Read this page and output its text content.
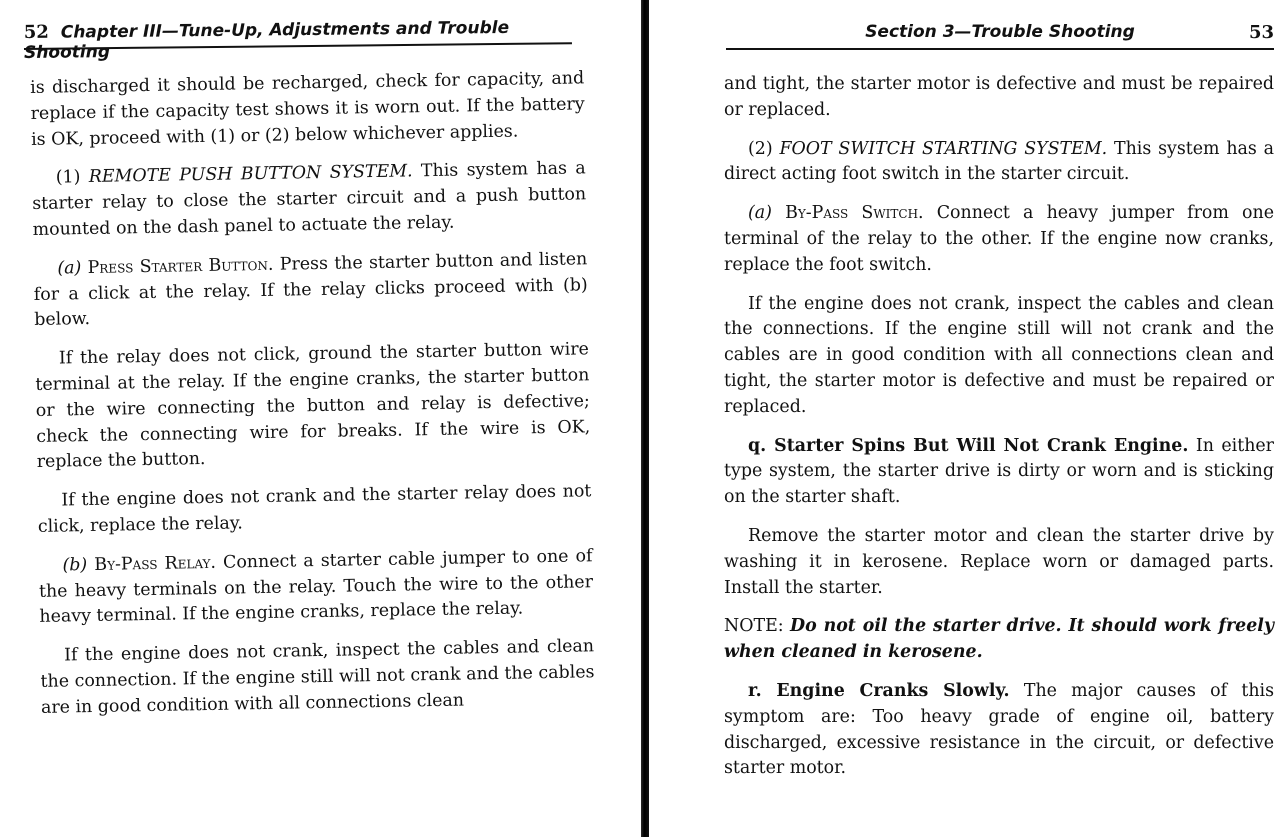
52 Chapter III—Tune-Up, Adjustments and Trouble Shooting

is discharged it should be recharged, check for capacity, and replace if the capacity test shows it is worn out. If the battery is OK, proceed with (1) or (2) below whichever applies.

(1) REMOTE PUSH BUTTON SYSTEM. This system has a starter relay to close the starter circuit and a push button mounted on the dash panel to actuate the relay.

(a) Press Starter Button. Press the starter button and listen for a click at the relay. If the relay clicks proceed with (b) below.

If the relay does not click, ground the starter button wire terminal at the relay. If the engine cranks, the starter button or the wire connecting the button and relay is defective; check the connecting wire for breaks. If the wire is OK, replace the button.

If the engine does not crank and the starter relay does not click, replace the relay.

(b) By-Pass Relay. Connect a starter cable jumper to one of the heavy terminals on the relay. Touch the wire to the other heavy terminal. If the engine cranks, replace the relay.

If the engine does not crank, inspect the cables and clean the connection. If the engine still will not crank and the cables are in good condition with all connections clean

Section 3—Trouble Shooting	53

and tight, the starter motor is defective and must be repaired or replaced.

(2) FOOT SWITCH STARTING SYSTEM. This system has a direct acting foot switch in the starter circuit.

(a) By-Pass Switch. Connect a heavy jumper from one terminal of the relay to the other. If the engine now cranks, replace the foot switch.

If the engine does not crank, inspect the cables and clean the connections. If the engine still will not crank and the cables are in good condition with all connections clean and tight, the starter motor is defective and must be repaired or replaced.

q. Starter Spins But Will Not Crank Engine. In either type system, the starter drive is dirty or worn and is sticking on the starter shaft.

Remove the starter motor and clean the starter drive by washing it in kerosene. Replace worn or damaged parts. Install the starter.

NOTE: Do not oil the starter drive. It should work freely when cleaned in kerosene.

r. Engine Cranks Slowly. The major causes of this symptom are: Too heavy grade of engine oil, battery discharged, excessive resistance in the circuit, or defective starter motor.
